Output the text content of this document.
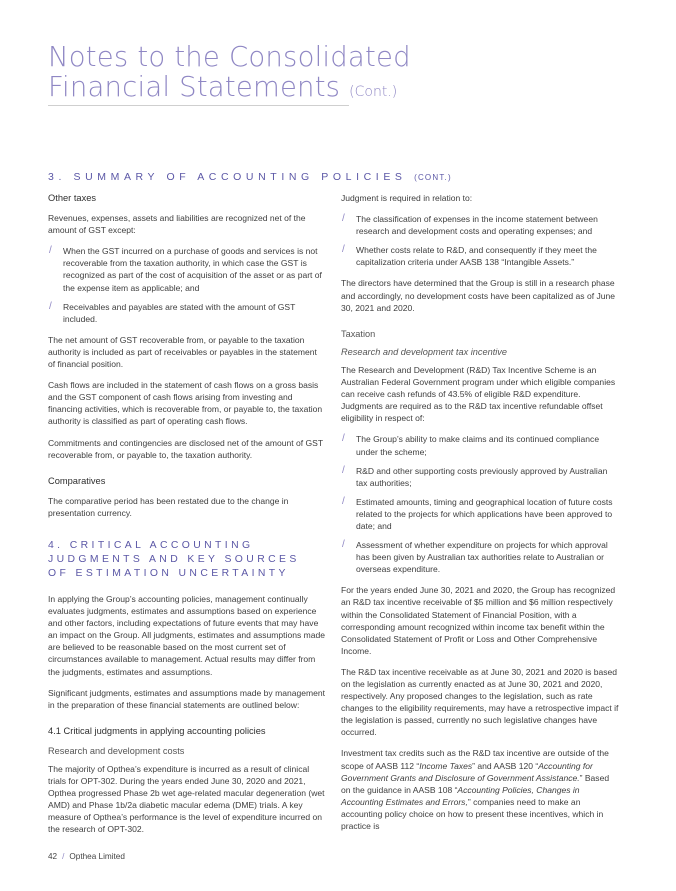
Notes to the Consolidated
Financial Statements (Cont.)
3. SUMMARY OF ACCOUNTING POLICIES (CONT.)
Other taxes

Revenues, expenses, assets and liabilities are recognized net of the amount of GST except:

/ When the GST incurred on a purchase of goods and services is not recoverable from the taxation authority, in which case the GST is recognized as part of the cost of acquisition of the asset or as part of the expense item as applicable; and
/ Receivables and payables are stated with the amount of GST included.

The net amount of GST recoverable from, or payable to the taxation authority is included as part of receivables or payables in the statement of financial position.

Cash flows are included in the statement of cash flows on a gross basis and the GST component of cash flows arising from investing and financing activities, which is recoverable from, or payable to, the taxation authority is classified as part of operating cash flows.

Commitments and contingencies are disclosed net of the amount of GST recoverable from, or payable to, the taxation authority.

Comparatives

The comparative period has been restated due to the change in presentation currency.

4. CRITICAL ACCOUNTING JUDGMENTS AND KEY SOURCES OF ESTIMATION UNCERTAINTY

In applying the Group’s accounting policies, management continually evaluates judgments, estimates and assumptions based on experience and other factors, including expectations of future events that may have an impact on the Group. All judgments, estimates and assumptions made are believed to be reasonable based on the most current set of circumstances available to management. Actual results may differ from the judgments, estimates and assumptions.

Significant judgments, estimates and assumptions made by management in the preparation of these financial statements are outlined below:

4.1 Critical judgments in applying accounting policies
Research and development costs

The majority of Opthea’s expenditure is incurred as a result of clinical trials for OPT-302. During the years ended June 30, 2020 and 2021, Opthea progressed Phase 2b wet age-related macular degeneration (wet AMD) and Phase 1b/2a diabetic macular edema (DME) trials. A key measure of Opthea’s performance is the level of expenditure incurred on the research of OPT-302.

Judgment is required in relation to:

/ The classification of expenses in the income statement between research and development costs and operating expenses; and
/ Whether costs relate to R&D, and consequently if they meet the capitalization criteria under AASB 138 “Intangible Assets.”

The directors have determined that the Group is still in a research phase and accordingly, no development costs have been capitalized as of June 30, 2021 and 2020.

Taxation
Research and development tax incentive

The Research and Development (R&D) Tax Incentive Scheme is an Australian Federal Government program under which eligible companies can receive cash refunds of 43.5% of eligible R&D expenditure. Judgments are required as to the R&D tax incentive refundable offset eligibility in respect of:

/ The Group’s ability to make claims and its continued compliance under the scheme;
/ R&D and other supporting costs previously approved by Australian tax authorities;
/ Estimated amounts, timing and geographical location of future costs related to the projects for which applications have been approved to date; and
/ Assessment of whether expenditure on projects for which approval has been given by Australian tax authorities relate to Australian or overseas expenditure.

For the years ended June 30, 2021 and 2020, the Group has recognized an R&D tax incentive receivable of $5 million and $6 million respectively within the Consolidated Statement of Financial Position, with a corresponding amount recognized within income tax benefit within the Consolidated Statement of Profit or Loss and Other Comprehensive Income.

The R&D tax incentive receivable as at June 30, 2021 and 2020 is based on the legislation as currently enacted as at June 30, 2021 and 2020, respectively. Any proposed changes to the legislation, such as rate changes to the eligibility requirements, may have a retrospective impact if the legislation is passed, currently no such legislative changes have occurred.

Investment tax credits such as the R&D tax incentive are outside of the scope of AASB 112 “Income Taxes” and AASB 120 “Accounting for Government Grants and Disclosure of Government Assistance.” Based on the guidance in AASB 108 “Accounting Policies, Changes in Accounting Estimates and Errors,” companies need to make an accounting policy choice on how to present these incentives, which in practice is

42 / Opthea Limited
